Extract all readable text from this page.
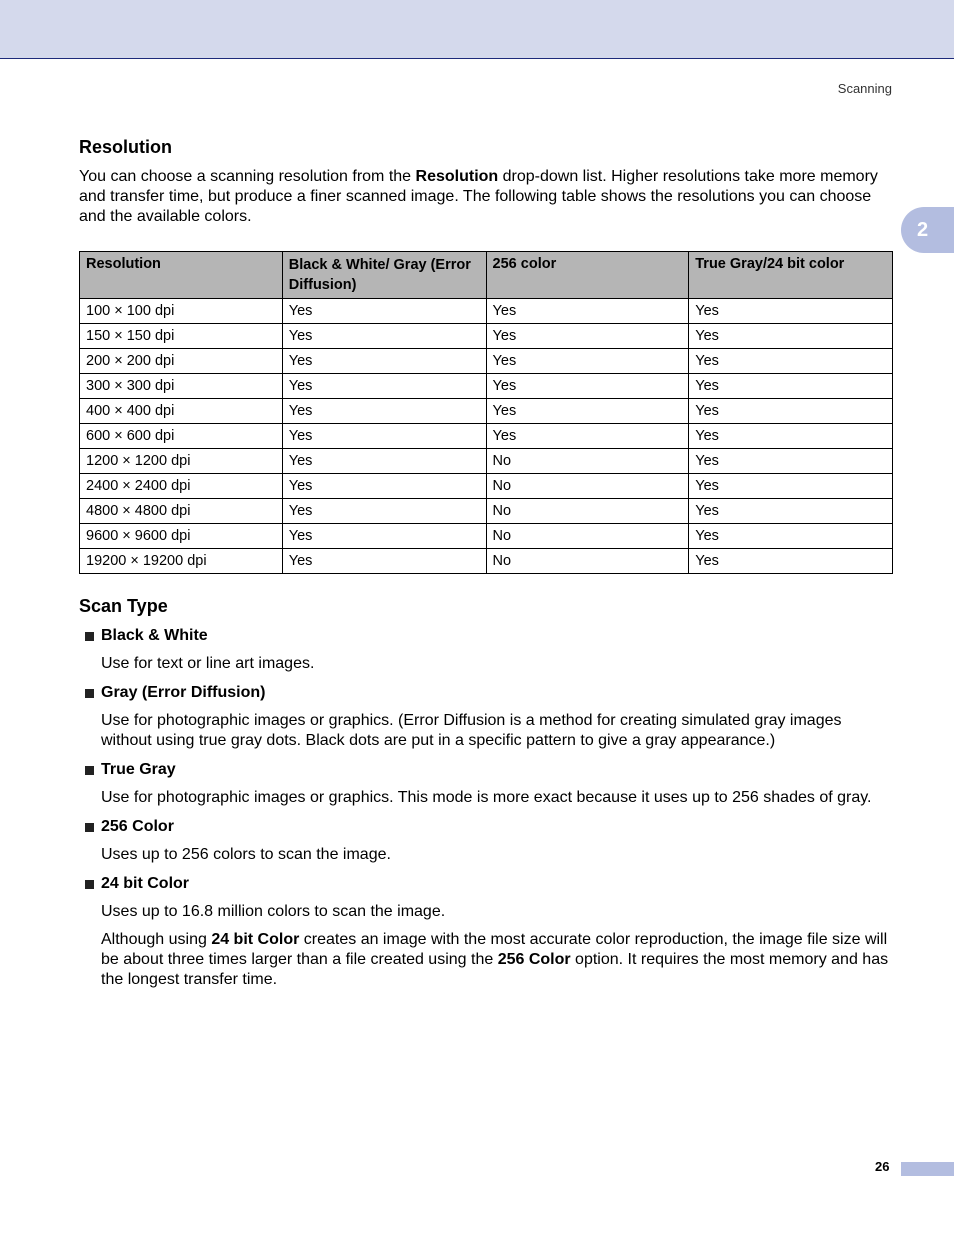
Scanning
2
Resolution

You can choose a scanning resolution from the Resolution drop-down list. Higher resolutions take more memory and transfer time, but produce a finer scanned image. The following table shows the resolutions you can choose and the available colors.

Resolution	Black & White/ Gray (Error Diffusion)	256 color	True Gray/24 bit color
100 × 100 dpi	Yes	Yes	Yes
150 × 150 dpi	Yes	Yes	Yes
200 × 200 dpi	Yes	Yes	Yes
300 × 300 dpi	Yes	Yes	Yes
400 × 400 dpi	Yes	Yes	Yes
600 × 600 dpi	Yes	Yes	Yes
1200 × 1200 dpi	Yes	No	Yes
2400 × 2400 dpi	Yes	No	Yes
4800 × 4800 dpi	Yes	No	Yes
9600 × 9600 dpi	Yes	No	Yes
19200 × 19200 dpi	Yes	No	Yes
Scan Type
Black & White
Use for text or line art images.
Gray (Error Diffusion)
Use for photographic images or graphics. (Error Diffusion is a method for creating simulated gray images without using true gray dots. Black dots are put in a specific pattern to give a gray appearance.)
True Gray
Use for photographic images or graphics. This mode is more exact because it uses up to 256 shades of gray.
256 Color
Uses up to 256 colors to scan the image.
24 bit Color
Uses up to 16.8 million colors to scan the image.
Although using 24 bit Color creates an image with the most accurate color reproduction, the image file size will be about three times larger than a file created using the 256 Color option. It requires the most memory and has the longest transfer time.
26
